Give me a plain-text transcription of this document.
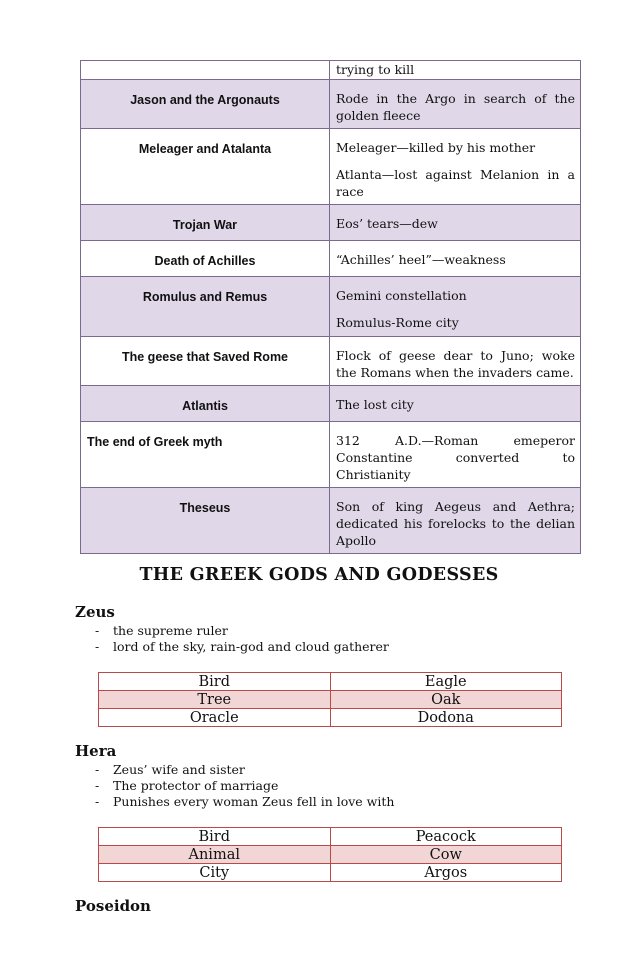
	trying to kill

Jason and the Argonauts	Rode in the Argo in search of the golden fleece

Meleager and Atalanta	Meleager—killed by his mother

Atlanta—lost against Melanion in a race

Trojan War	Eos’ tears—dew

Death of Achilles	“Achilles’ heel”—weakness

Romulus and Remus	Gemini constellation

Romulus-Rome city

The geese that Saved Rome	Flock of geese dear to Juno; woke the Romans when the invaders came.

Atlantis	The lost city

The end of Greek myth	312 A.D.—Roman emeperor Constantine converted to Christianity

Theseus	Son of king Aegeus and Aethra; dedicated his forelocks to the delian Apollo

THE GREEK GODS AND GODESSES
Zeus
- the supreme ruler
- lord of the sky, rain-god and cloud gatherer
Bird	Eagle
Tree	Oak
Oracle	Dodona
Hera
- Zeus’ wife and sister
- The protector of marriage
- Punishes every woman Zeus fell in love with
Bird	Peacock
Animal	Cow
City	Argos
Poseidon
